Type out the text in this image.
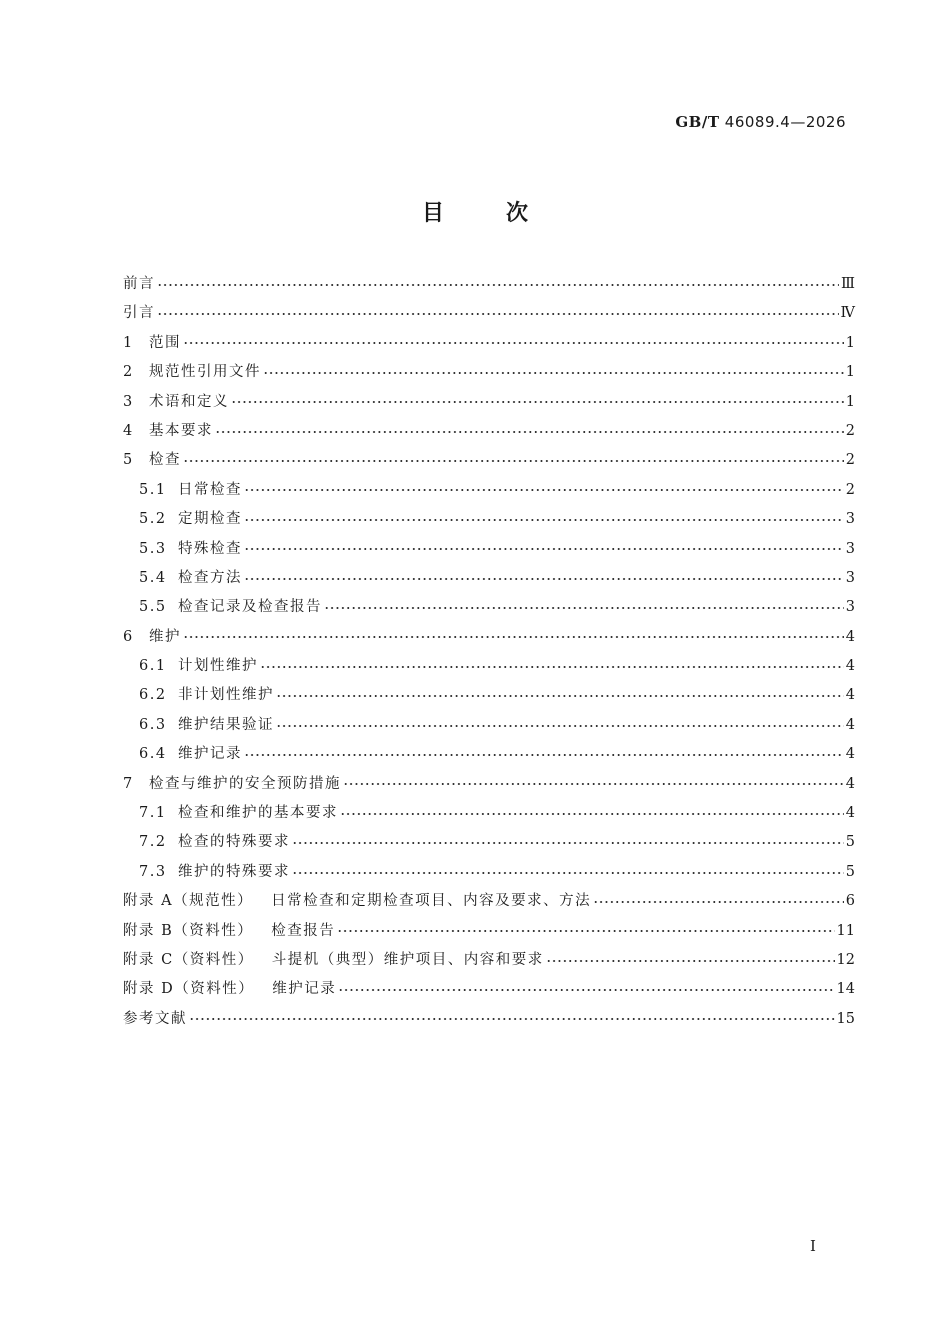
GB/T 46089.4—2026
目次
前言	Ⅲ
引言	Ⅳ
1	范围	1
2	规范性引用文件	1
3	术语和定义	1
4	基本要求	2
5	检查	2
5.1 日常检查	2
5.2 定期检查	3
5.3 特殊检查	3
5.4 检查方法	3
5.5 检查记录及检查报告	3
6	维护	4
6.1 计划性维护	4
6.2 非计划性维护	4
6.3 维护结果验证	4
6.4 维护记录	4
7	检查与维护的安全预防措施	4
7.1 检查和维护的基本要求	4
7.2 检查的特殊要求	5
7.3 维护的特殊要求	5
附录 A（规范性） 日常检查和定期检查项目、内容及要求、方法	6
附录 B（资料性） 检查报告	11
附录 C（资料性） 斗提机（典型）维护项目、内容和要求	12
附录 D（资料性） 维护记录	14
参考文献	15
Ⅰ
